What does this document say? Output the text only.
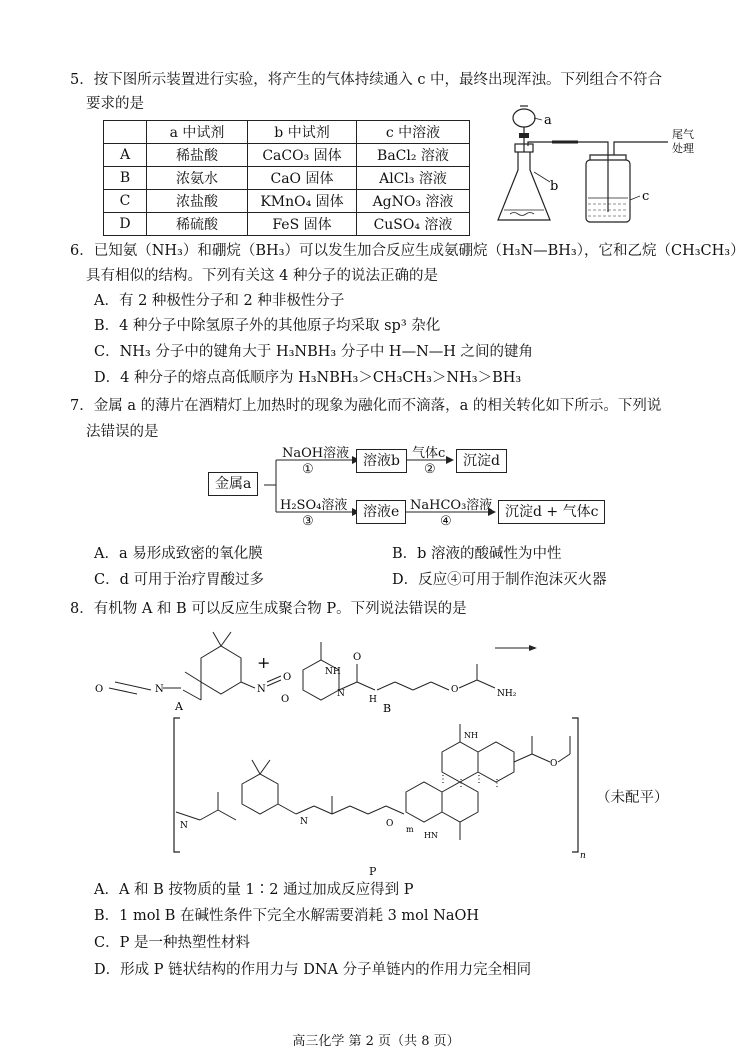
5．按下图所示装置进行实验，将产生的气体持续通入 c 中，最终出现浑浊。下列组合不符合
要求的是
	a 中试剂	b 中试剂	c 中溶液
A	稀盐酸	CaCO₃ 固体	BaCl₂ 溶液
B	浓氨水	CaO 固体	AlCl₃ 溶液
C	浓盐酸	KMnO₄ 固体	AgNO₃ 溶液
D	稀硫酸	FeS 固体	CuSO₄ 溶液
a
b
c
尾气
处理
6．已知氨（NH₃）和硼烷（BH₃）可以发生加合反应生成氨硼烷（H₃N—BH₃），它和乙烷（CH₃CH₃）
具有相似的结构。下列有关这 4 种分子的说法正确的是
A．有 2 种极性分子和 2 种非极性分子
B．4 种分子中除氢原子外的其他原子均采取 sp³ 杂化
C．NH₃ 分子中的键角大于 H₃NBH₃ 分子中 H—N—H 之间的键角
D．4 种分子的熔点高低顺序为 H₃NBH₃＞CH₃CH₃＞NH₃＞BH₃
7．金属 a 的薄片在酒精灯上加热时的现象为融化而不滴落，a 的相关转化如下所示。下列说
法错误的是
金属a
NaOH溶液
①
溶液b 气体c
②
沉淀d
H₂SO₄溶液
③
溶液e NaHCO₃溶液
④
沉淀d + 气体c
A．a 易形成致密的氧化膜	B．b 溶液的酸碱性为中性
C．d 可用于治疗胃酸过多	D．反应④可用于制作泡沫灭火器
8．有机物 A 和 B 可以反应生成聚合物 P。下列说法错误的是
N
O	N
O
A
+	NH
N
O
O
H
O	NH₂
B
n
N	N	O
m
NH
HN
O
⋮ ⋮ ⋮ ⋮
（未配平）
P
A．A 和 B 按物质的量 1∶2 通过加成反应得到 P
B．1 mol B 在碱性条件下完全水解需要消耗 3 mol NaOH
C．P 是一种热塑性材料
D．形成 P 链状结构的作用力与 DNA 分子单链内的作用力完全相同
高三化学 第 2 页（共 8 页）
